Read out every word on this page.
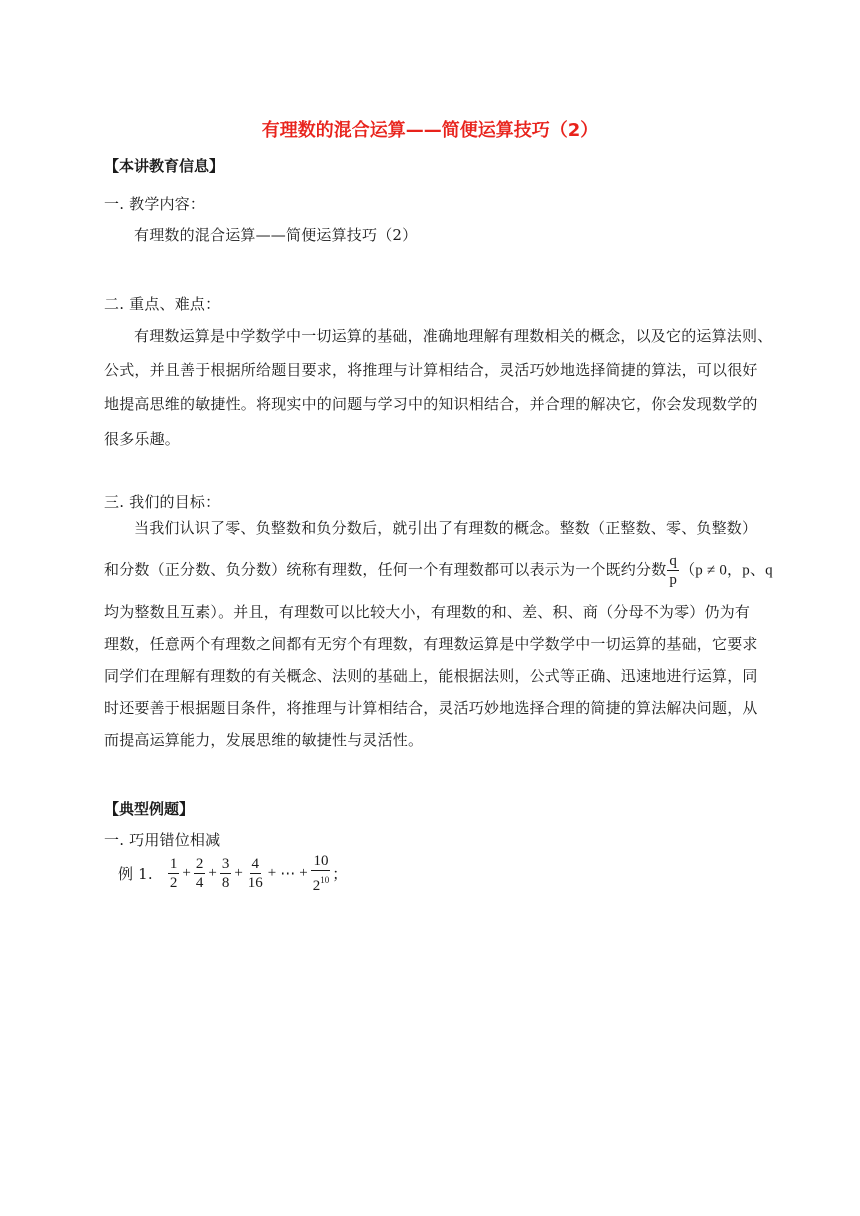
有理数的混合运算——简便运算技巧（2）
【本讲教育信息】
一. 教学内容：
有理数的混合运算——简便运算技巧（2）
二. 重点、难点：
有理数运算是中学数学中一切运算的基础，准确地理解有理数相关的概念，以及它的运算法则、
公式，并且善于根据所给题目要求，将推理与计算相结合，灵活巧妙地选择简捷的算法，可以很好
地提高思维的敏捷性。将现实中的问题与学习中的知识相结合，并合理的解决它，你会发现数学的
很多乐趣。
三. 我们的目标：
当我们认识了零、负整数和负分数后，就引出了有理数的概念。整数（正整数、零、负整数）
和分数（正分数、负分数）统称有理数，任何一个有理数都可以表示为一个既约分数 $\frac{q}{p} (p \ne 0$，p、q
均为整数且互素）。并且，有理数可以比较大小，有理数的和、差、积、商（分母不为零）仍为有
理数，任意两个有理数之间都有无穷个有理数，有理数运算是中学数学中一切运算的基础，它要求
同学们在理解有理数的有关概念、法则的基础上，能根据法则，公式等正确、迅速地进行运算，同
时还要善于根据题目条件，将推理与计算相结合，灵活巧妙地选择合理的简捷的算法解决问题，从
而提高运算能力，发展思维的敏捷性与灵活性。
【典型例题】
一. 巧用错位相减
例 1. $\frac{1}{2} + \frac{2}{4} + \frac{3}{8} + \frac{4}{16}$ + ⋯ + $\frac{10}{2^{10}}$ ；
